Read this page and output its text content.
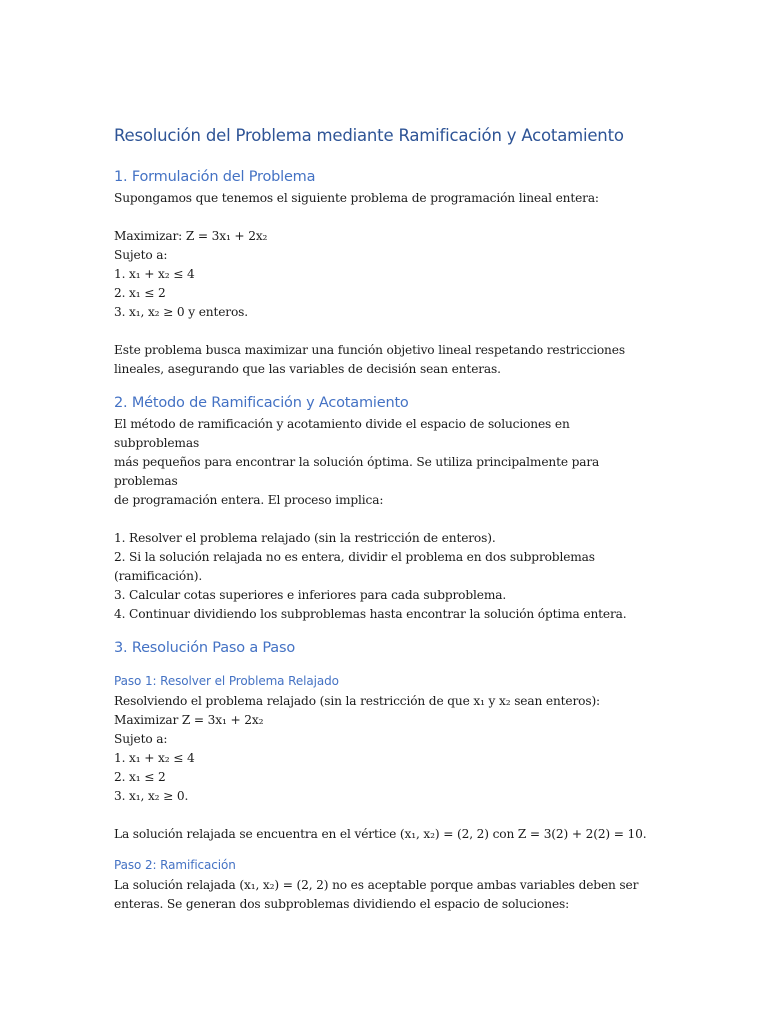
Resolución del Problema mediante Ramificación y Acotamiento
1. Formulación del Problema

Supongamos que tenemos el siguiente problema de programación lineal entera:

Maximizar: Z = 3x₁ + 2x₂

Sujeto a:

1. x₁ + x₂ ≤ 4

2. x₁ ≤ 2

3. x₁, x₂ ≥ 0 y enteros.

Este problema busca maximizar una función objetivo lineal respetando restricciones

lineales, asegurando que las variables de decisión sean enteras.

2. Método de Ramificación y Acotamiento

El método de ramificación y acotamiento divide el espacio de soluciones en subproblemas

más pequeños para encontrar la solución óptima. Se utiliza principalmente para problemas

de programación entera. El proceso implica:

1. Resolver el problema relajado (sin la restricción de enteros).

2. Si la solución relajada no es entera, dividir el problema en dos subproblemas

(ramificación).

3. Calcular cotas superiores e inferiores para cada subproblema.

4. Continuar dividiendo los subproblemas hasta encontrar la solución óptima entera.

3. Resolución Paso a Paso
Paso 1: Resolver el Problema Relajado

Resolviendo el problema relajado (sin la restricción de que x₁ y x₂ sean enteros):

Maximizar Z = 3x₁ + 2x₂

Sujeto a:

1. x₁ + x₂ ≤ 4

2. x₁ ≤ 2

3. x₁, x₂ ≥ 0.

La solución relajada se encuentra en el vértice (x₁, x₂) = (2, 2) con Z = 3(2) + 2(2) = 10.

Paso 2: Ramificación

La solución relajada (x₁, x₂) = (2, 2) no es aceptable porque ambas variables deben ser

enteras. Se generan dos subproblemas dividiendo el espacio de soluciones:
